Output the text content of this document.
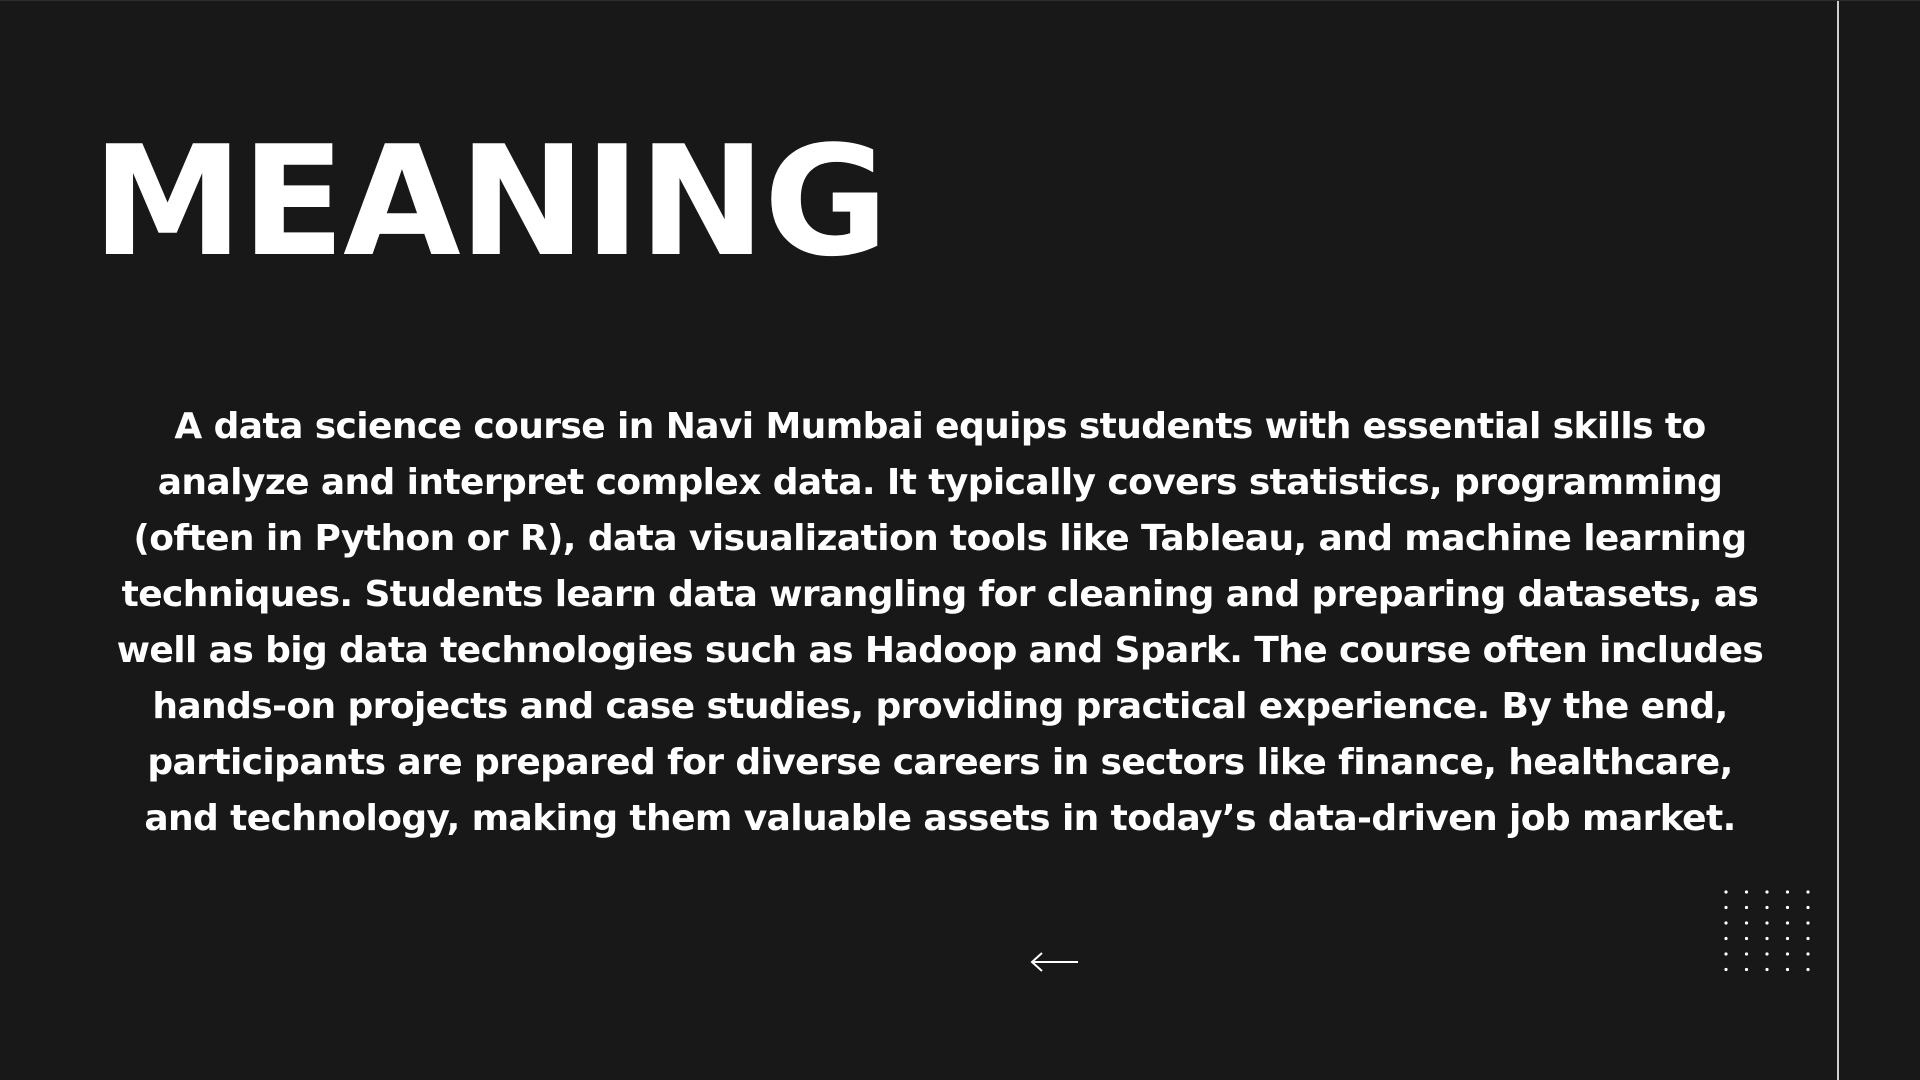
MEANING

A data science course in Navi Mumbai equips students with essential skills to analyze and interpret complex data. It typically covers statistics, programming (often in Python or R), data visualization tools like Tableau, and machine learning techniques. Students learn data wrangling for cleaning and preparing datasets, as well as big data technologies such as Hadoop and Spark. The course often includes hands-on projects and case studies, providing practical experience. By the end, participants are prepared for diverse careers in sectors like finance, healthcare, and technology, making them valuable assets in today’s data-driven job market.
